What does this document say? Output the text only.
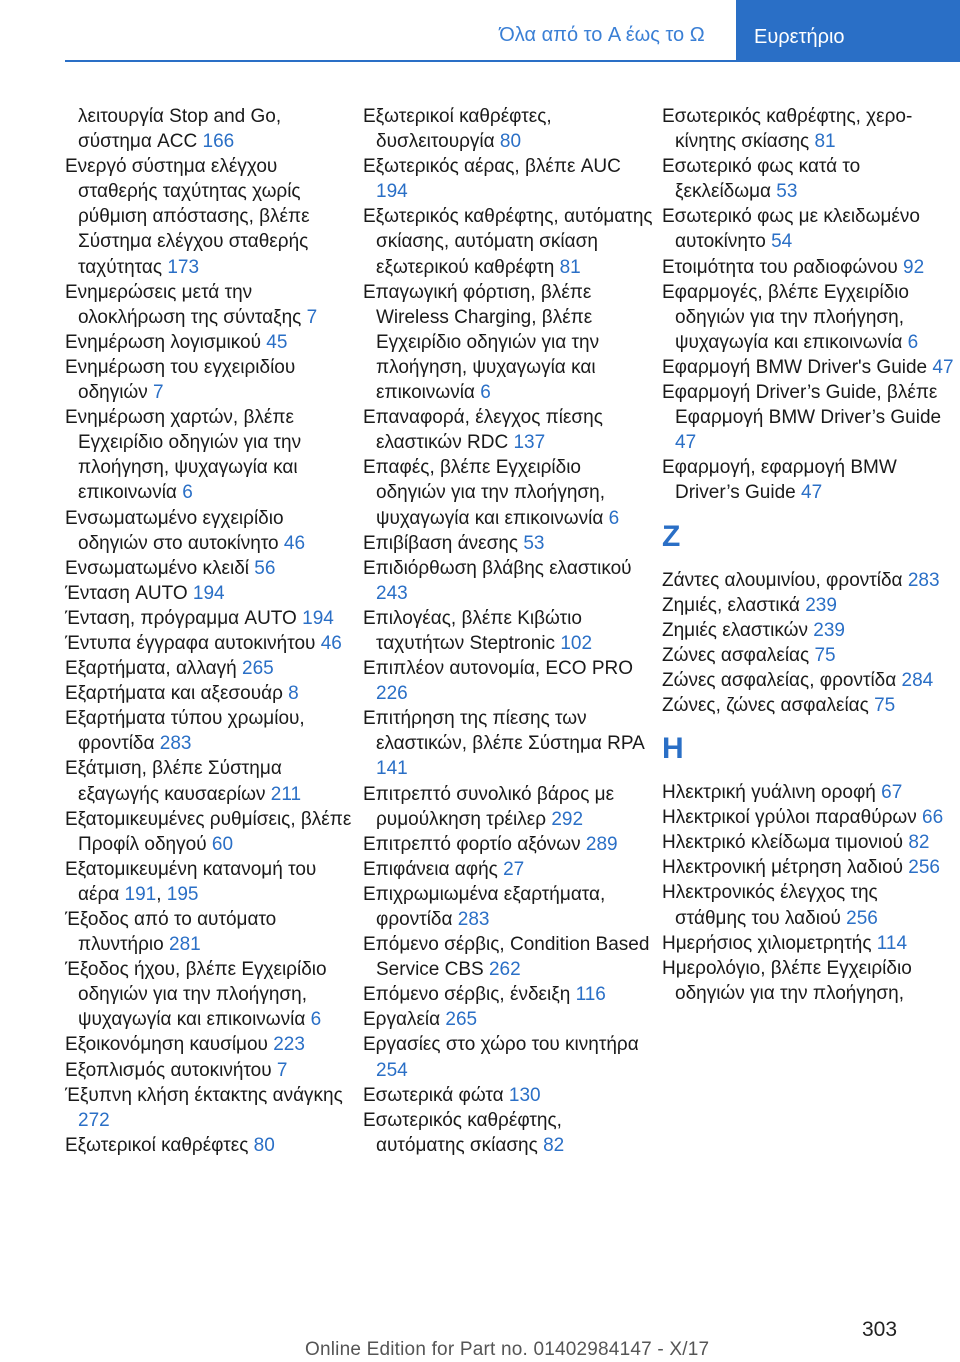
Όλα από το A έως το Ω	Ευρετήριο
λειτουργία Stop and Go, σύστημα ACC 166
Ενεργό σύστημα ελέγχου σταθερής ταχύτητας χωρίς ρύθμιση απόστασης, βλέπε Σύστημα ελέγχου σταθερής ταχύτητας 173
Ενημερώσεις μετά την ολοκλήρωση της σύνταξης 7
Ενημέρωση λογισμικού 45
Ενημέρωση του εγχειριδίου οδηγιών 7
Ενημέρωση χαρτών, βλέπε Εγχειρίδιο οδηγιών για την πλοήγηση, ψυχαγωγία και επικοινωνία 6
Ενσωματωμένο εγχειρίδιο οδηγιών στο αυτοκίνητο 46
Ενσωματωμένο κλειδί 56
Ένταση AUTO 194
Ένταση, πρόγραμμα AUTO 194
Έντυπα έγγραφα αυτοκινήτου 46
Εξαρτήματα, αλλαγή 265
Εξαρτήματα και αξεσουάρ 8
Εξαρτήματα τύπου χρωμίου, φροντίδα 283
Εξάτμιση, βλέπε Σύστημα εξαγωγής καυσαερίων 211
Εξατομικευμένες ρυθμίσεις, βλέπε Προφίλ οδηγού 60
Εξατομικευμένη κατανομή του αέρα 191, 195
Έξοδος από το αυτόματο πλυντήριο 281
Έξοδος ήχου, βλέπε Εγχειρίδιο οδηγιών για την πλοήγηση, ψυχαγωγία και επικοινωνία 6
Εξοικονόμηση καυσίμου 223
Εξοπλισμός αυτοκινήτου 7
Έξυπνη κλήση έκτακτης ανάγκης 272
Εξωτερικοί καθρέφτες 80
Εξωτερικοί καθρέφτες, δυσλειτουργία 80
Εξωτερικός αέρας, βλέπε AUC 194
Εξωτερικός καθρέφτης, αυτόματης σκίασης, αυτόματη σκίαση εξωτερικού καθρέφτη 81
Επαγωγική φόρτιση, βλέπε Wireless Charging, βλέπε Εγχειρίδιο οδηγιών για την πλοήγηση, ψυχαγωγία και επικοινωνία 6
Επαναφορά, έλεγχος πίεσης ελαστικών RDC 137
Επαφές, βλέπε Εγχειρίδιο οδηγιών για την πλοήγηση, ψυχαγωγία και επικοινωνία 6
Επιβίβαση άνεσης 53
Επιδιόρθωση βλάβης ελαστικού 243
Επιλογέας, βλέπε Κιβώτιο ταχυτήτων Steptronic 102
Επιπλέον αυτονομία, ECO PRO 226
Επιτήρηση της πίεσης των ελαστικών, βλέπε Σύστημα RPA 141
Επιτρεπτό συνολικό βάρος με ρυμούλκηση τρέιλερ 292
Επιτρεπτό φορτίο αξόνων 289
Επιφάνεια αφής 27
Επιχρωμιωμένα εξαρτήματα, φροντίδα 283
Επόμενο σέρβις, Condition Based Service CBS 262
Επόμενο σέρβις, ένδειξη 116
Εργαλεία 265
Εργασίες στο χώρο του κινητήρα 254
Εσωτερικά φώτα 130
Εσωτερικός καθρέφτης, αυτόματης σκίασης 82
Εσωτερικός καθρέφτης, χεροκίνητης σκίασης 81
Εσωτερικό φως κατά το ξεκλείδωμα 53
Εσωτερικό φως με κλειδωμένο αυτοκίνητο 54
Ετοιμότητα του ραδιοφώνου 92
Εφαρμογές, βλέπε Εγχειρίδιο οδηγιών για την πλοήγηση, ψυχαγωγία και επικοινωνία 6
Εφαρμογή BMW Driver's Guide 47
Εφαρμογή Driver’s Guide, βλέπε Εφαρμογή BMW Driver’s Guide 47
Εφαρμογή, εφαρμογή BMW Driver’s Guide 47
Z
Ζάντες αλουμινίου, φροντίδα 283
Ζημιές, ελαστικά 239
Ζημιές ελαστικών 239
Ζώνες ασφαλείας 75
Ζώνες ασφαλείας, φροντίδα 284
Ζώνες, ζώνες ασφαλείας 75
H
Ηλεκτρική γυάλινη οροφή 67
Ηλεκτρικοί γρύλοι παραθύρων 66
Ηλεκτρικό κλείδωμα τιμονιού 82
Ηλεκτρονική μέτρηση λαδιού 256
Ηλεκτρονικός έλεγχος της στάθμης του λαδιού 256
Ημερήσιος χιλιομετρητής 114
Ημερολόγιο, βλέπε Εγχειρίδιο οδηγιών για την πλοήγηση,
303
Online Edition for Part no. 01402984147 - X/17
